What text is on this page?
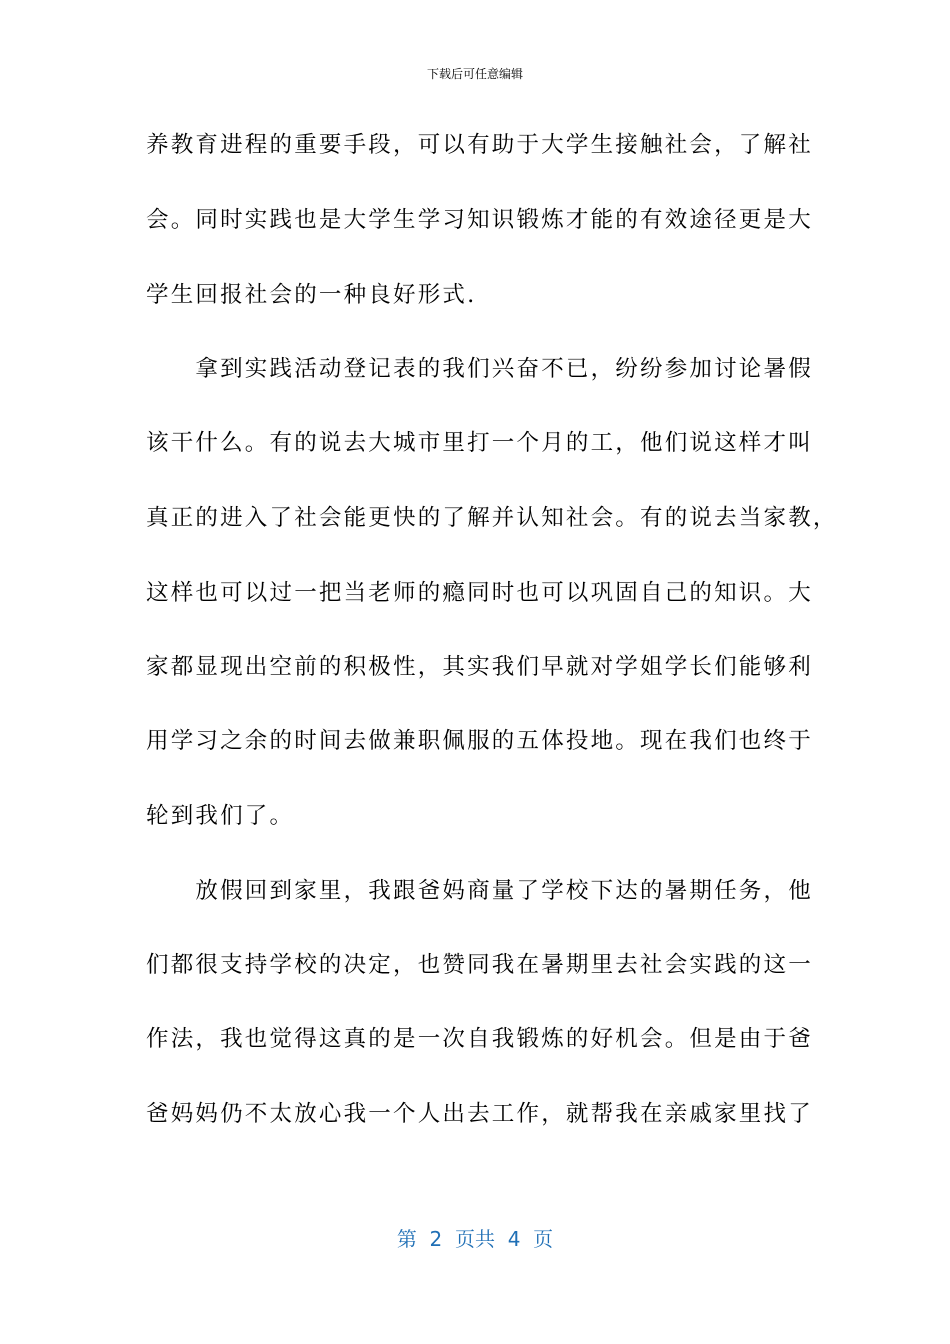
下载后可任意编辑
养教育进程的重要手段，可以有助于大学生接触社会，了解社
会。同时实践也是大学生学习知识锻炼才能的有效途径更是大
学生回报社会的一种良好形式.
　　拿到实践活动登记表的我们兴奋不已，纷纷参加讨论暑假
该干什么。有的说去大城市里打一个月的工，他们说这样才叫
真正的进入了社会能更快的了解并认知社会。有的说去当家教，
这样也可以过一把当老师的瘾同时也可以巩固自己的知识。大
家都显现出空前的积极性，其实我们早就对学姐学长们能够利
用学习之余的时间去做兼职佩服的五体投地。现在我们也终于
轮到我们了。
　　放假回到家里，我跟爸妈商量了学校下达的暑期任务，他
们都很支持学校的决定，也赞同我在暑期里去社会实践的这一
作法，我也觉得这真的是一次自我锻炼的好机会。但是由于爸
爸妈妈仍不太放心我一个人出去工作，就帮我在亲戚家里找了
第  2  页共  4  页
